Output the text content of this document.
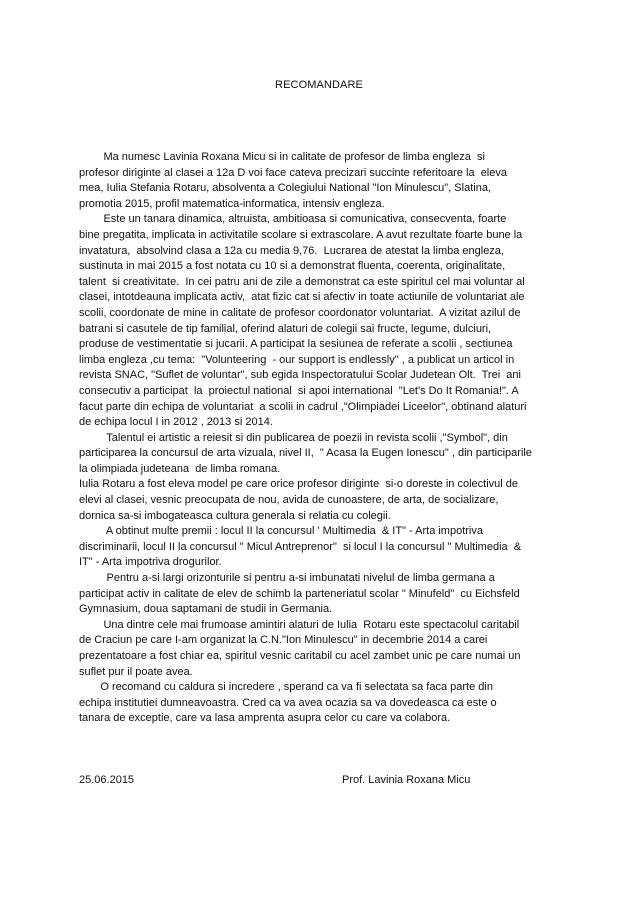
RECOMANDARE
Ma numesc Lavinia Roxana Micu si in calitate de profesor de limba engleza  si
profesor diriginte al clasei a 12a D voi face cateva precizari succinte referitoare la  eleva
mea, Iulia Stefania Rotaru, absolventa a Colegiului National "Ion Minulescu", Slatina,
promotia 2015, profil matematica-informatica, intensiv engleza.
Este un tanara dinamica, altruista, ambitioasa si comunicativa, consecventa, foarte
bine pregatita, implicata in activitatile scolare si extrascolare. A avut rezultate foarte bune la
invatatura,  absolvind clasa a 12a cu media 9,76.  Lucrarea de atestat la limba engleza,
sustinuta in mai 2015 a fost notata cu 10 si a demonstrat fluenta, coerenta, originalitate,
talent  si creativitate.  In cei patru ani de zile a demonstrat ca este spiritul cel mai voluntar al
clasei, intotdeauna implicata activ,  atat fizic cat si afectiv in toate actiunile de voluntariat ale
scolii, coordonate de mine in calitate de profesor coordonator voluntariat.  A vizitat azilul de
batrani si casutele de tip familial, oferind alaturi de colegii sai fructe, legume, dulciuri,
produse de vestimentatie si jucarii. A participat la sesiunea de referate a scolii , sectiunea
limba engleza ,cu tema:  "Volunteering  - our support is endlessly" , a publicat un articol in
revista SNAC, "Suflet de voluntar", sub egida Inspectoratului Scolar Judetean Olt.  Trei  ani
consecutiv a participat  la  proiectul national  si apoi international  "Let's Do It Romania!". A
facut parte din echipa de voluntariat  a scolii in cadrul ,"Olimpiadei Liceelor", obtinand alaturi
de echipa locul I in 2012 , 2013 si 2014.
Talentul ei artistic a reiesit si din publicarea de poezii in revista scolii ,"Symbol", din
participarea la concursul de arta vizuala, nivel II,  " Acasa la Eugen Ionescu" , din participarile
la olimpiada judeteana  de limba romana.
Iulia Rotaru a fost eleva model pe care orice profesor diriginte  si-o doreste in colectivul de
elevi al clasei, vesnic preocupata de nou, avida de cunoastere, de arta, de socializare,
dornica sa-si imbogateasca cultura generala si relatia cu colegii.
A obtinut multe premii : locul II la concursul ' Multimedia  & IT" - Arta impotriva
discriminarii, locul II la concursul " Micul Antreprenor"  si locul I la concursul " Multimedia  &
IT" - Arta impotriva drogurilor.
Pentru a-si largi orizonturile si pentru a-si imbunatati nivelul de limba germana a
participat activ in calitate de elev de schimb la parteneriatul scolar " Minufeld"  cu Eichsfeld
Gymnasium, doua saptamani de studii in Germania.
Una dintre cele mai frumoase amintiri alaturi de Iulia  Rotaru este spectacolul caritabil
de Craciun pe care I-am organizat la C.N."Ion Minulescu" in decembrie 2014 a carei
prezentatoare a fost chiar ea, spiritul vesnic caritabil cu acel zambet unic pe care numai un
suflet pur il poate avea.
O recomand cu caldura si incredere , sperand ca va fi selectata sa faca parte din
echipa institutiei dumneavoastra. Cred ca va avea ocazia sa va dovedeasca ca este o
tanara de exceptie, care va lasa amprenta asupra celor cu care va colabora.
25.06.2015	Prof. Lavinia Roxana Micu
